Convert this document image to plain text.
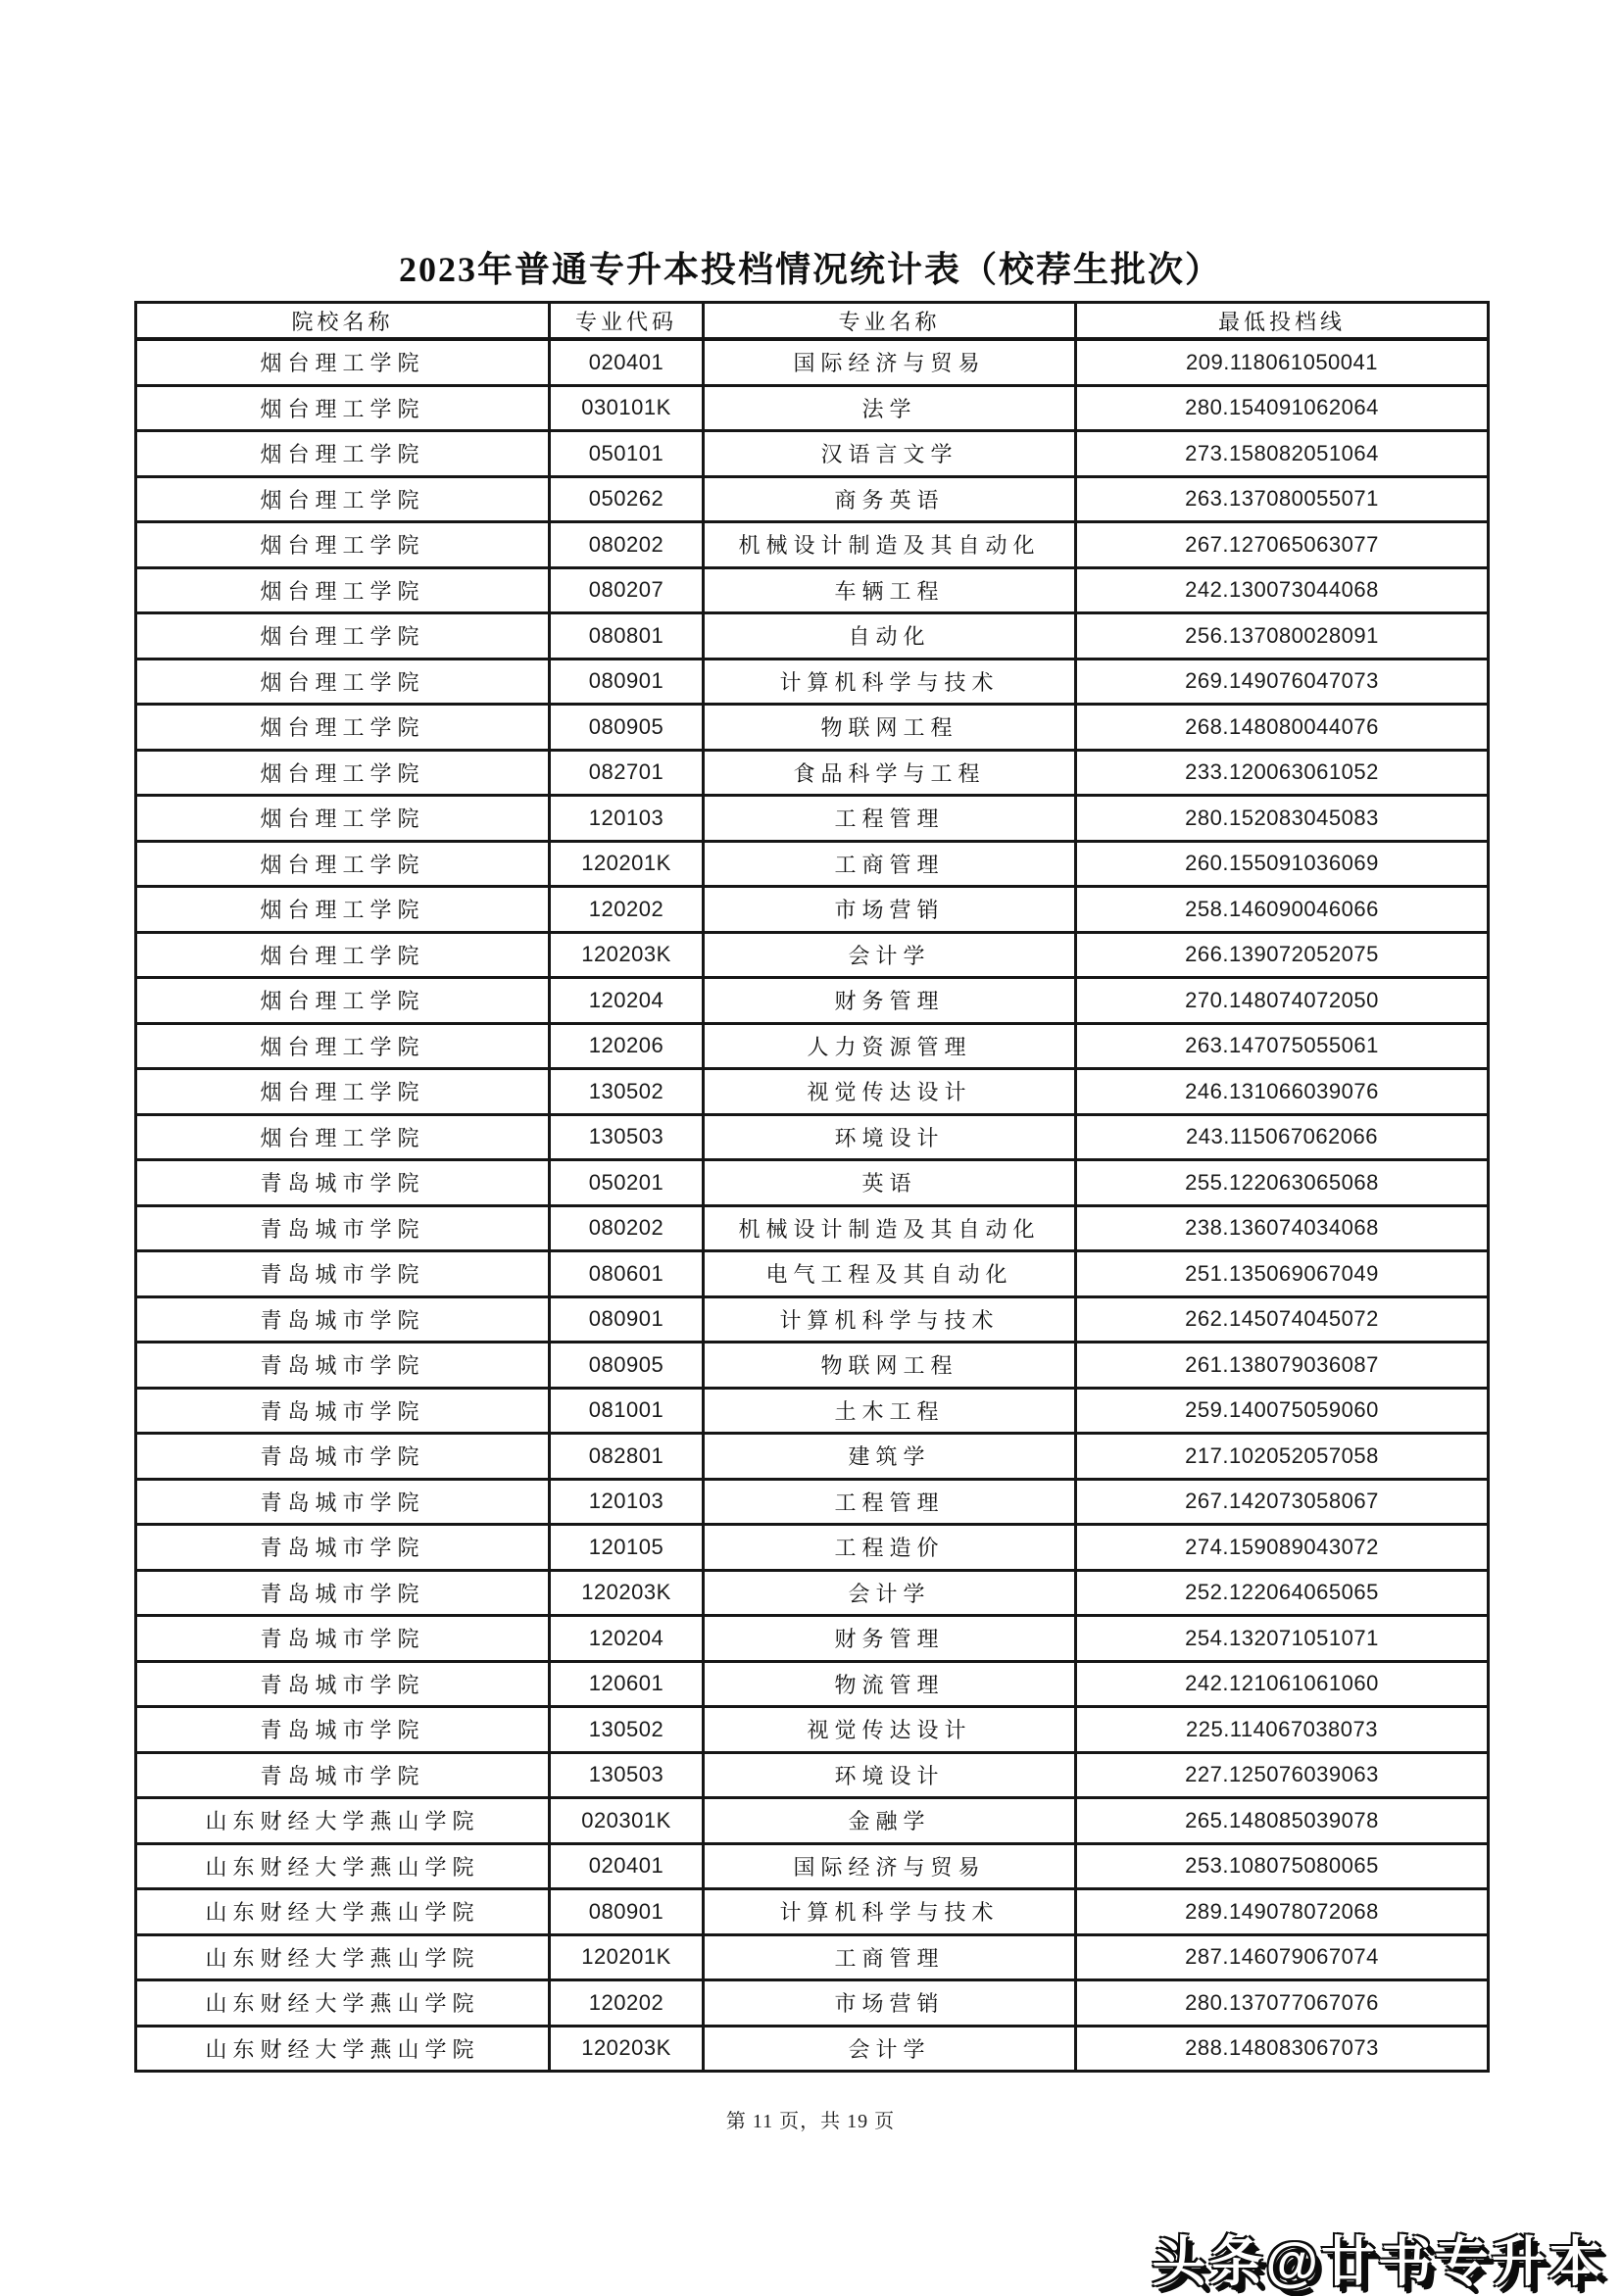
2023年普通专升本投档情况统计表（校荐生批次）
院校名称	专业代码	专业名称	最低投档线
烟台理工学院	020401	国际经济与贸易	209.118061050041
烟台理工学院	030101K	法学	280.154091062064
烟台理工学院	050101	汉语言文学	273.158082051064
烟台理工学院	050262	商务英语	263.137080055071
烟台理工学院	080202	机械设计制造及其自动化	267.127065063077
烟台理工学院	080207	车辆工程	242.130073044068
烟台理工学院	080801	自动化	256.137080028091
烟台理工学院	080901	计算机科学与技术	269.149076047073
烟台理工学院	080905	物联网工程	268.148080044076
烟台理工学院	082701	食品科学与工程	233.120063061052
烟台理工学院	120103	工程管理	280.152083045083
烟台理工学院	120201K	工商管理	260.155091036069
烟台理工学院	120202	市场营销	258.146090046066
烟台理工学院	120203K	会计学	266.139072052075
烟台理工学院	120204	财务管理	270.148074072050
烟台理工学院	120206	人力资源管理	263.147075055061
烟台理工学院	130502	视觉传达设计	246.131066039076
烟台理工学院	130503	环境设计	243.115067062066
青岛城市学院	050201	英语	255.122063065068
青岛城市学院	080202	机械设计制造及其自动化	238.136074034068
青岛城市学院	080601	电气工程及其自动化	251.135069067049
青岛城市学院	080901	计算机科学与技术	262.145074045072
青岛城市学院	080905	物联网工程	261.138079036087
青岛城市学院	081001	土木工程	259.140075059060
青岛城市学院	082801	建筑学	217.102052057058
青岛城市学院	120103	工程管理	267.142073058067
青岛城市学院	120105	工程造价	274.159089043072
青岛城市学院	120203K	会计学	252.122064065065
青岛城市学院	120204	财务管理	254.132071051071
青岛城市学院	120601	物流管理	242.121061061060
青岛城市学院	130502	视觉传达设计	225.114067038073
青岛城市学院	130503	环境设计	227.125076039063
山东财经大学燕山学院	020301K	金融学	265.148085039078
山东财经大学燕山学院	020401	国际经济与贸易	253.108075080065
山东财经大学燕山学院	080901	计算机科学与技术	289.149078072068
山东财经大学燕山学院	120201K	工商管理	287.146079067074
山东财经大学燕山学院	120202	市场营销	280.137077067076
山东财经大学燕山学院	120203K	会计学	288.148083067073
第 11 页，共 19 页
头条@廿书专升本
